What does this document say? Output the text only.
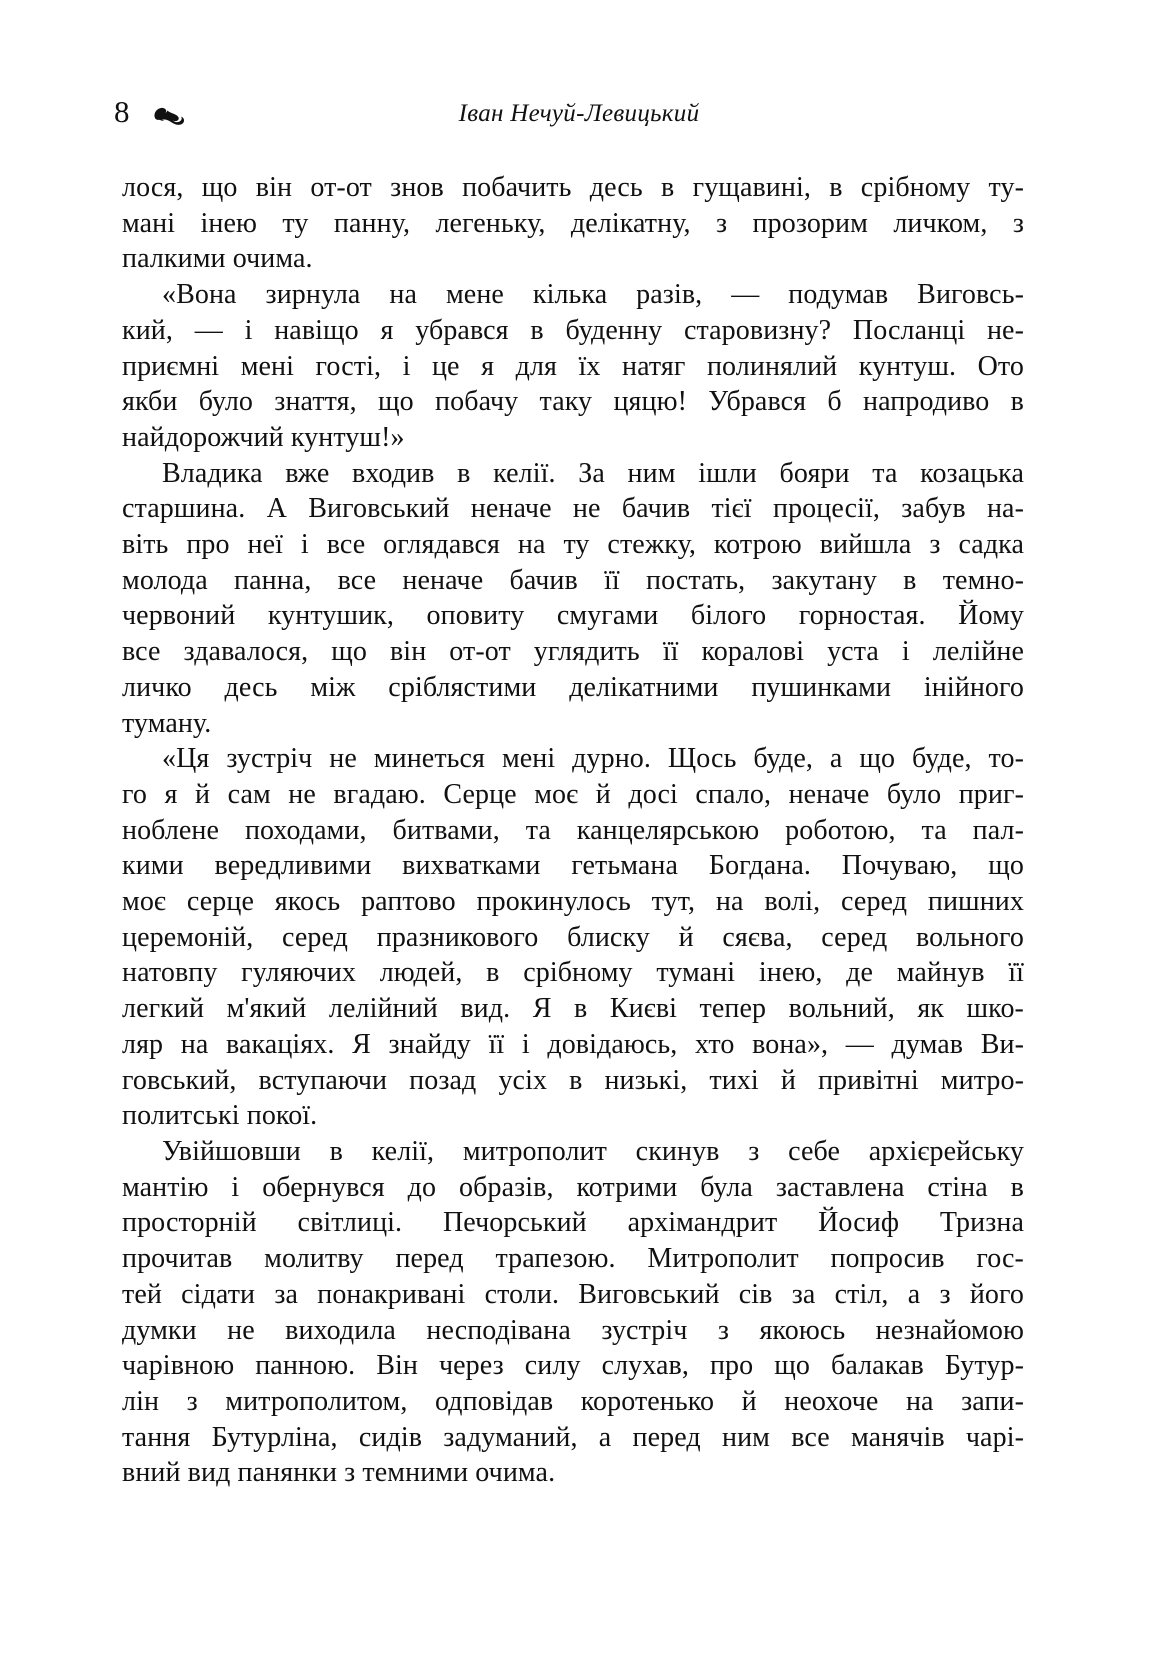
8	Іван Нечуй-Левицький
лося, що він от-от знов побачить десь в гущавині, в срібному ту-
мані інею ту панну, легеньку, делікатну, з прозорим личком, з
палкими очима.
«Вона зирнула на мене кілька разів, — подумав Виговсь-
кий, — і навіщо я убрався в буденну старовизну? Посланці не-
приємні мені гості, і це я для їх натяг полинялий кунтуш. Ото
якби було знаття, що побачу таку цяцю! Убрався б напродиво в
найдорожчий кунтуш!»
Владика вже входив в келії. За ним ішли бояри та козацька
старшина. А Виговський неначе не бачив тієї процесії, забув на-
віть про неї і все оглядався на ту стежку, котрою вийшла з садка
молода панна, все неначе бачив її постать, закутану в темно-
червоний кунтушик, оповиту смугами білого горностая. Йому
все здавалося, що він от-от углядить її коралові уста і лелійне
личко десь між сріблястими делікатними пушинками інійного
туману.
«Ця зустріч не минеться мені дурно. Щось буде, а що буде, то-
го я й сам не вгадаю. Серце моє й досі спало, неначе було приг-
ноблене походами, битвами, та канцелярською роботою, та пал-
кими вередливими вихватками гетьмана Богдана. Почуваю, що
моє серце якось раптово прокинулось тут, на волі, серед пишних
церемоній, серед празникового блиску й сяєва, серед вольного
натовпу гуляючих людей, в срібному тумані інею, де майнув її
легкий м'який лелійний вид. Я в Києві тепер вольний, як шко-
ляр на вакаціях. Я знайду її і довідаюсь, хто вона», — думав Ви-
говський, вступаючи позад усіх в низькі, тихі й привітні митро-
политські покої.
Увійшовши в келії, митрополит скинув з себе архієрейську
мантію і обернувся до образів, котрими була заставлена стіна в
просторній світлиці. Печорський архімандрит Йосиф Тризна
прочитав молитву перед трапезою. Митрополит попросив гос-
тей сідати за понакривані столи. Виговський сів за стіл, а з його
думки не виходила несподівана зустріч з якоюсь незнайомою
чарівною панною. Він через силу слухав, про що балакав Бутур-
лін з митрополитом, одповідав коротенько й неохоче на запи-
тання Бутурліна, сидів задуманий, а перед ним все манячів чарі-
вний вид панянки з темними очима.
